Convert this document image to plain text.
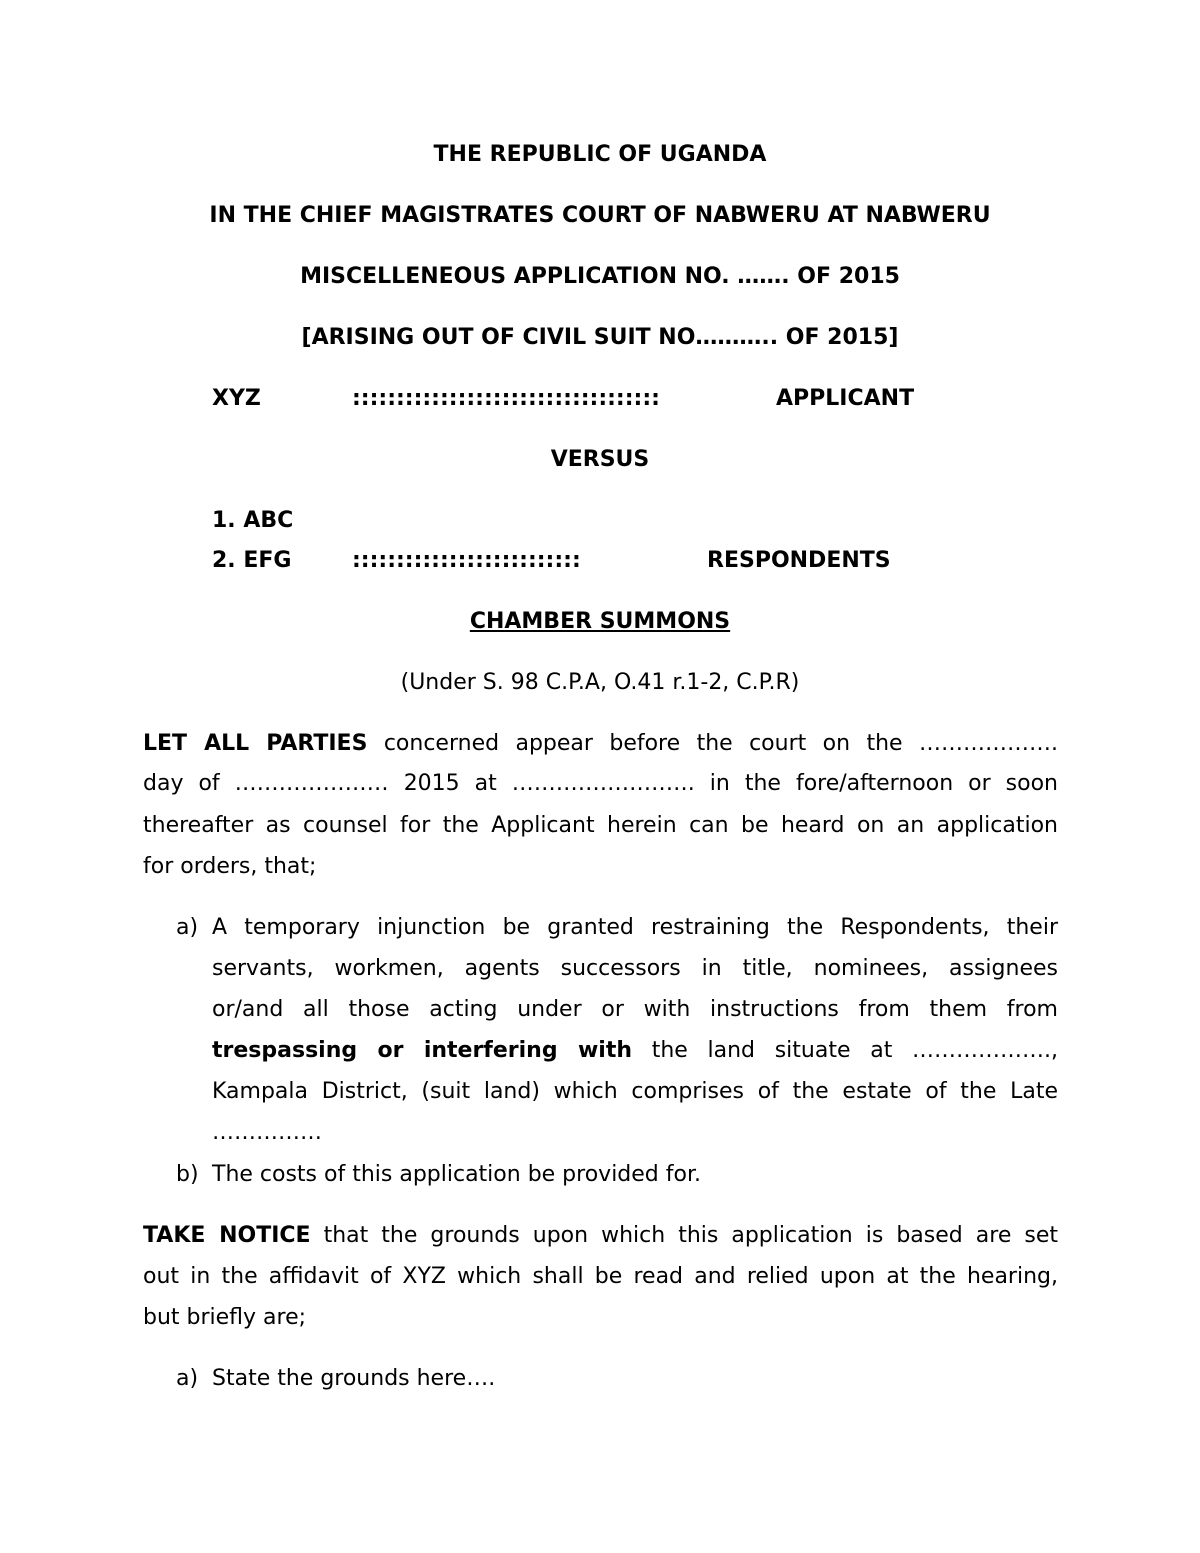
THE REPUBLIC OF UGANDA
IN THE CHIEF MAGISTRATES COURT OF NABWERU AT NABWERU
MISCELLENEOUS APPLICATION NO. ……. OF 2015
[ARISING OUT OF CIVIL SUIT NO……….. OF 2015]
XYZ	:::::::::::::::::::::::::::::::::::	APPLICANT
VERSUS
1. ABC
2. EFG	::::::::::::::::::::::::::	RESPONDENTS
CHAMBER SUMMONS
(Under S. 98 C.P.A, O.41 r.1-2, C.P.R)
LET ALL PARTIES concerned appear before the court on the ……………….
day of ………………… 2015 at ……………………. in the fore/afternoon or soon
thereafter as counsel for the Applicant herein can be heard on an application
for orders, that;
a) A temporary injunction be granted restraining the Respondents, their
servants, workmen, agents successors in title, nominees, assignees
or/and all those acting under or with instructions from them from
trespassing or interfering with the land situate at ……………….,
Kampala District, (suit land) which comprises of the estate of the Late
……………
b) The costs of this application be provided for.
TAKE NOTICE that the grounds upon which this application is based are set
out in the affidavit of XYZ which shall be read and relied upon at the hearing,
but briefly are;
a) State the grounds here….
